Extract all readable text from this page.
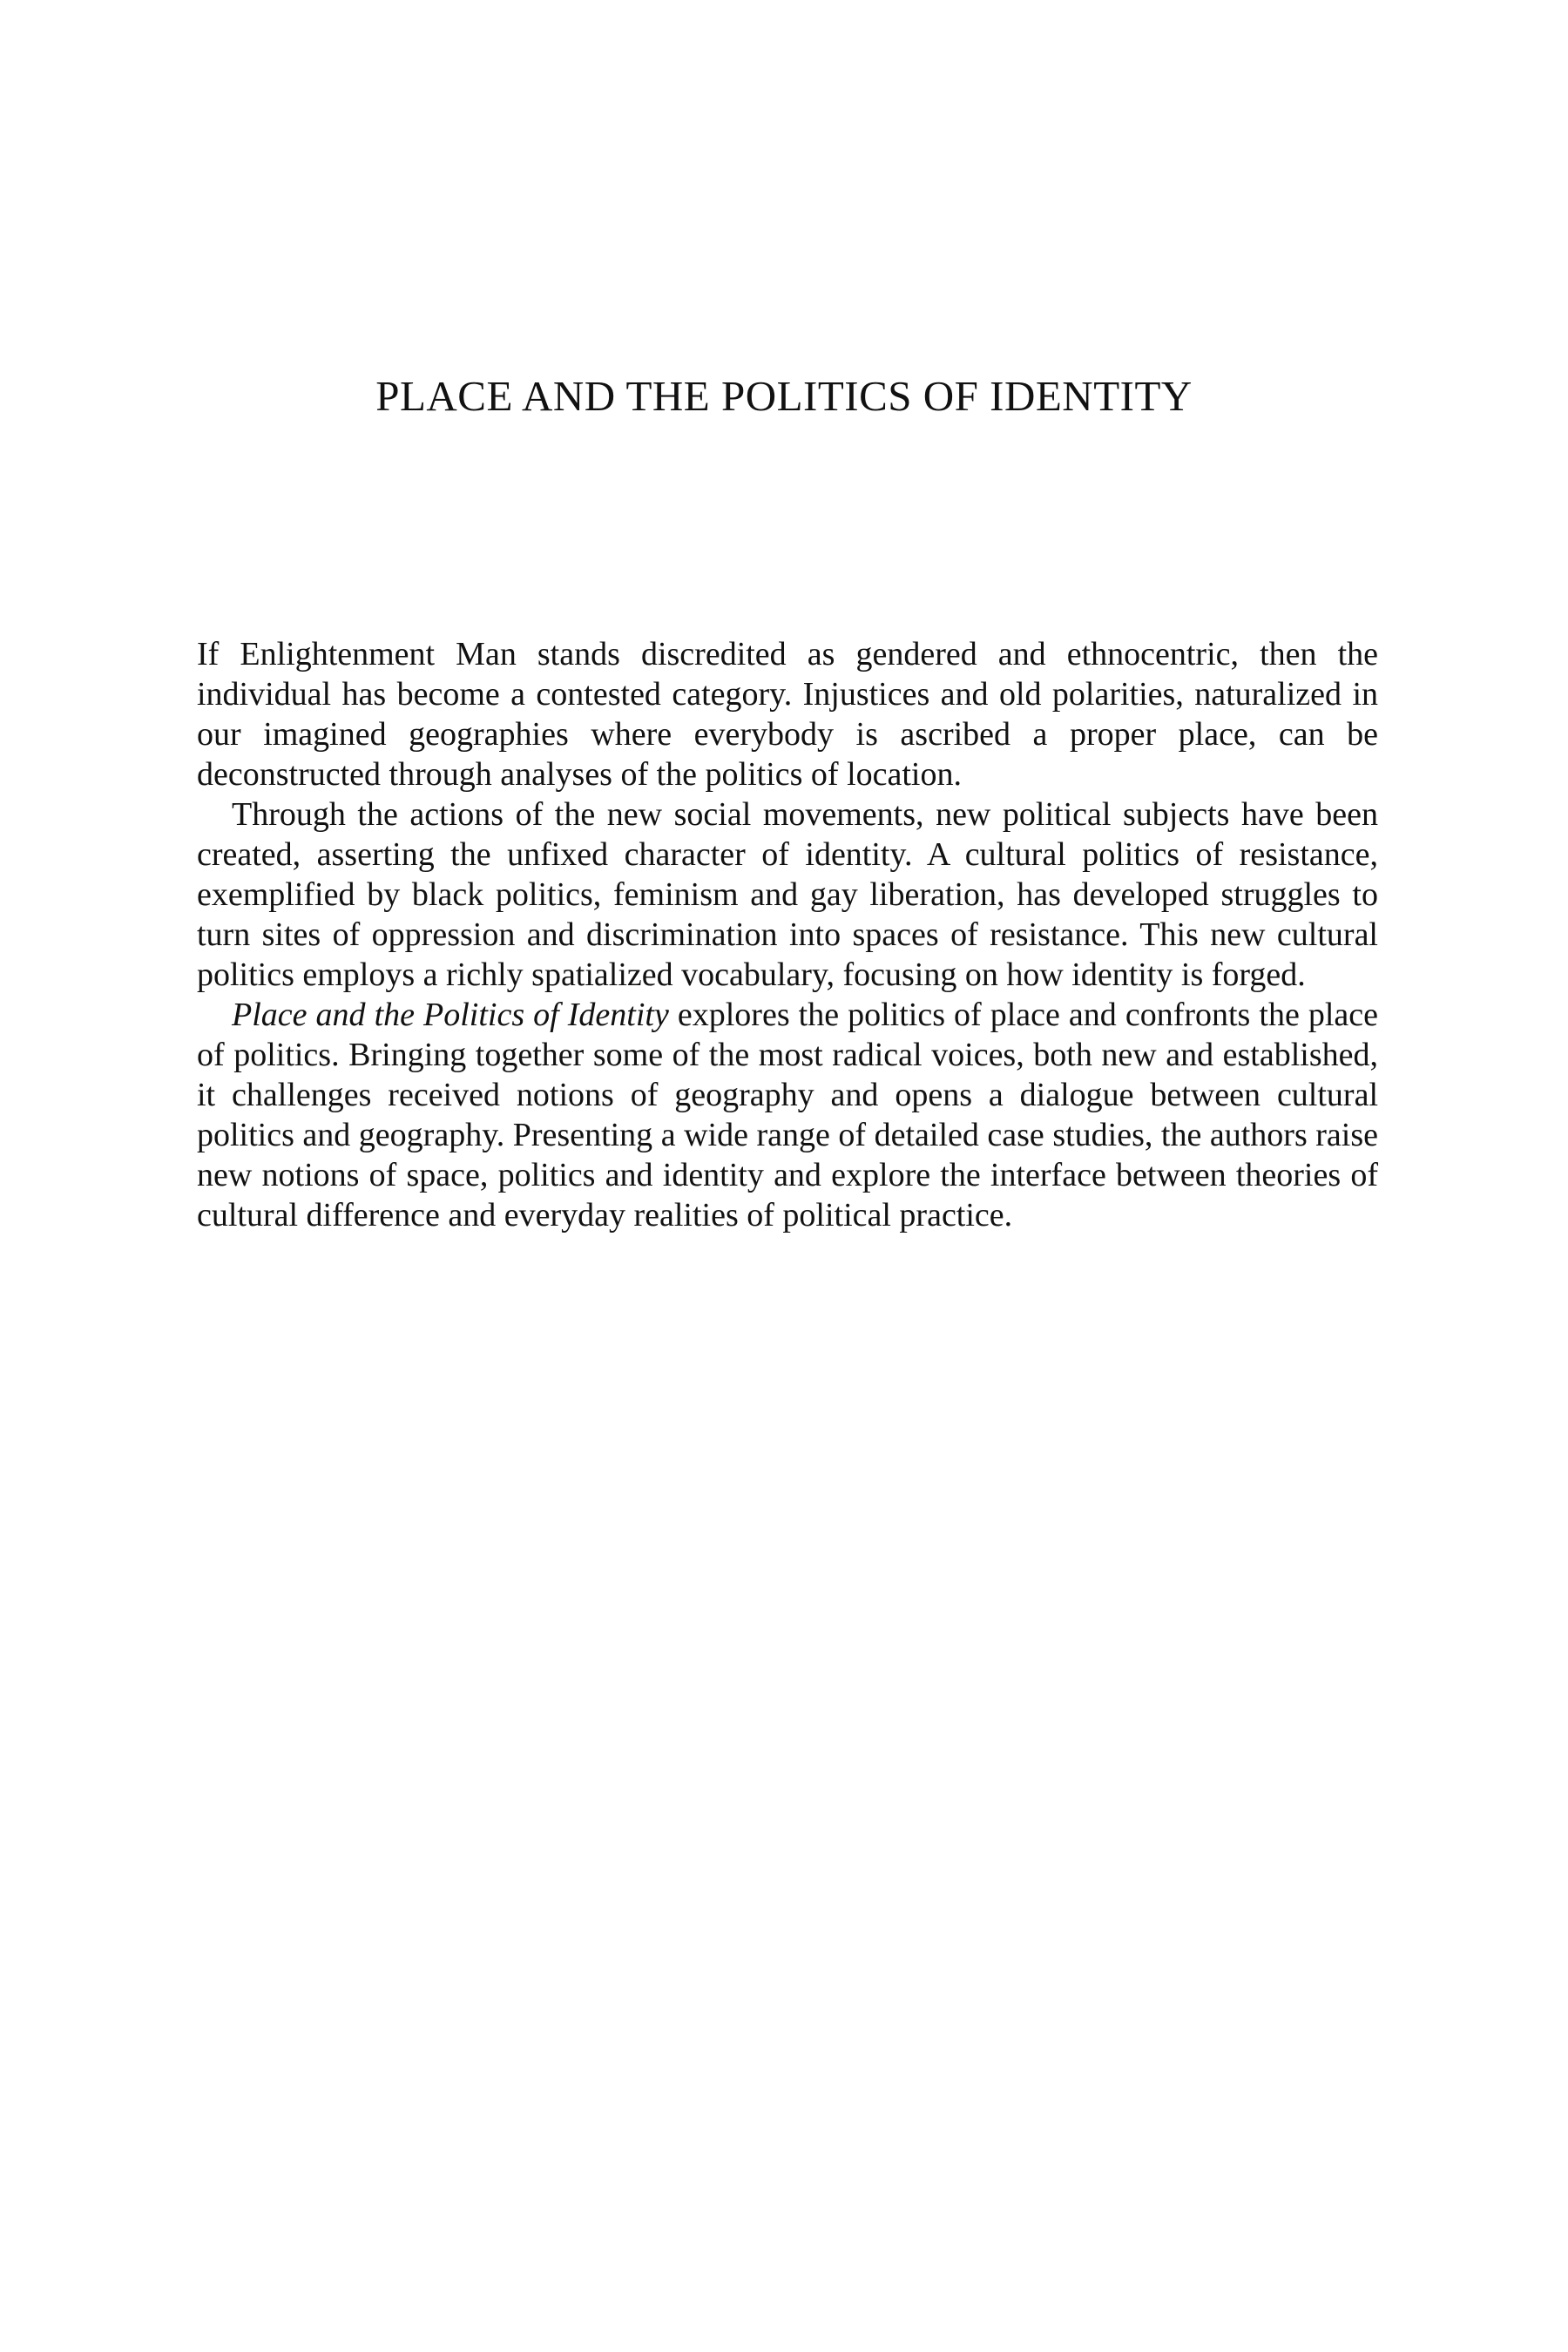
PLACE AND THE POLITICS OF IDENTITY

If Enlightenment Man stands discredited as gendered and ethnocentric, then the individual has become a contested category. Injustices and old polarities, naturalized in our imagined geographies where everybody is ascribed a proper place, can be deconstructed through analyses of the politics of location.

Through the actions of the new social movements, new political subjects have been created, asserting the unfixed character of identity. A cultural politics of resistance, exemplified by black politics, feminism and gay liberation, has developed struggles to turn sites of oppression and discrimination into spaces of resistance. This new cultural politics employs a richly spatialized vocabulary, focusing on how identity is forged.

Place and the Politics of Identity explores the politics of place and confronts the place of politics. Bringing together some of the most radical voices, both new and established, it challenges received notions of geography and opens a dialogue between cultural politics and geography. Presenting a wide range of detailed case studies, the authors raise new notions of space, politics and identity and explore the interface between theories of cultural difference and everyday realities of political practice.
